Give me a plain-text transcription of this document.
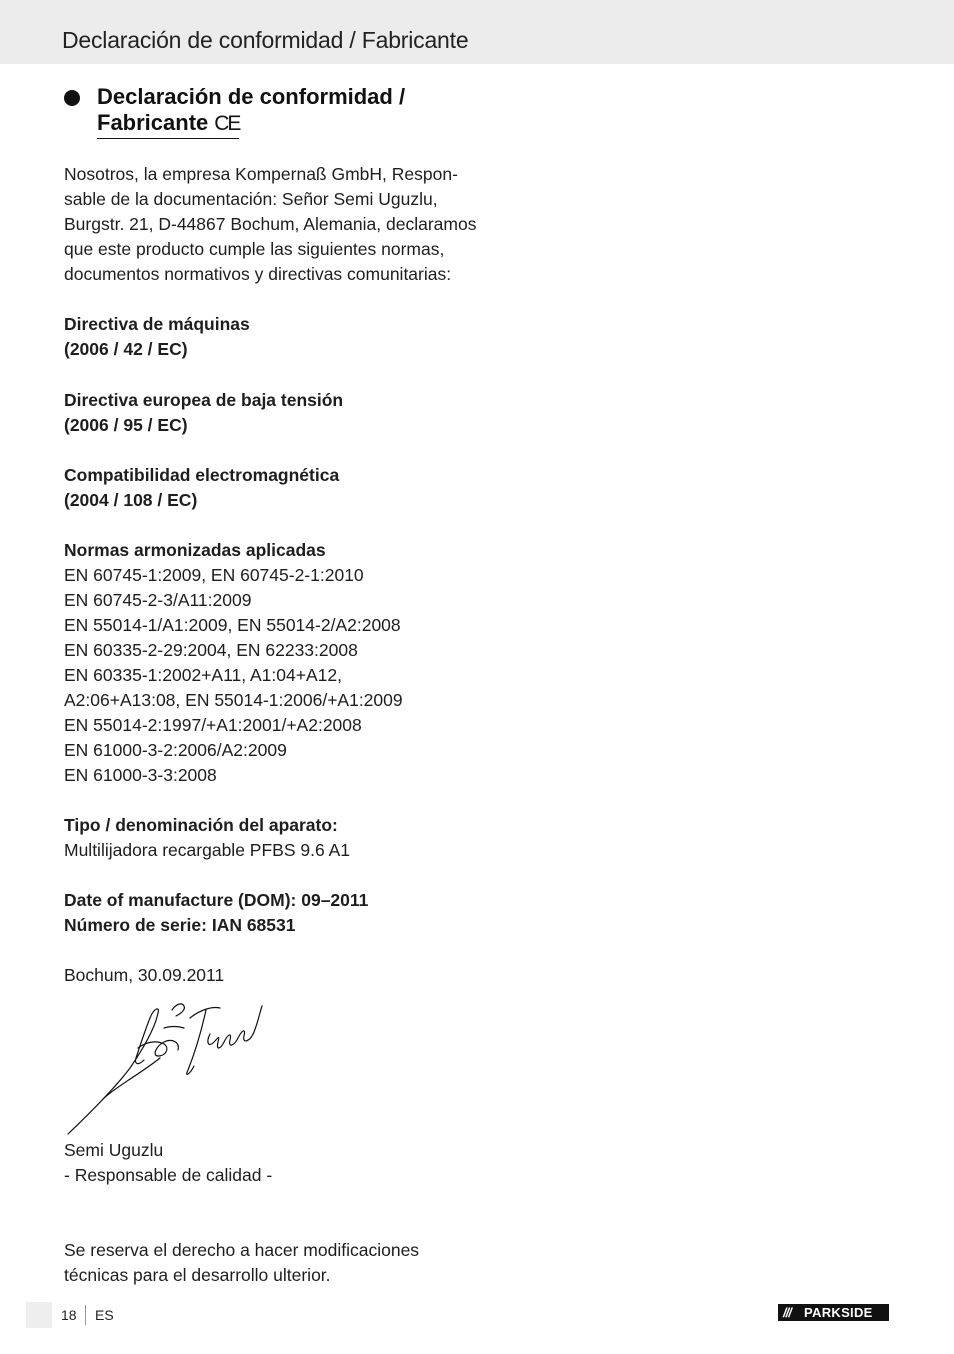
Declaración de conformidad / Fabricante
Declaración de conformidad /
Fabricante CE
Nosotros, la empresa Kompernaß GmbH, Respon-
sable de la documentación: Señor Semi Uguzlu,
Burgstr. 21, D-44867 Bochum, Alemania, declaramos
que este producto cumple las siguientes normas,
documentos normativos y directivas comunitarias:
Directiva de máquinas
(2006 / 42 / EC)
Directiva europea de baja tensión
(2006 / 95 / EC)
Compatibilidad electromagnética
(2004 / 108 / EC)
Normas armonizadas aplicadas
EN 60745-1:2009, EN 60745-2-1:2010
EN 60745-2-3/A11:2009
EN 55014-1/A1:2009, EN 55014-2/A2:2008
EN 60335-2-29:2004, EN 62233:2008
EN 60335-1:2002+A11, A1:04+A12,
A2:06+A13:08, EN 55014-1:2006/+A1:2009
EN 55014-2:1997/+A1:2001/+A2:2008
EN 61000-3-2:2006/A2:2009
EN 61000-3-3:2008
Tipo / denominación del aparato:
Multilijadora recargable PFBS 9.6 A1
Date of manufacture (DOM): 09–2011
Número de serie: IAN 68531
Bochum, 30.09.2011
Semi Uguzlu
- Responsable de calidad -
Se reserva el derecho a hacer modificaciones
técnicas para el desarrollo ulterior.
18 ES	/// PARKSIDE
